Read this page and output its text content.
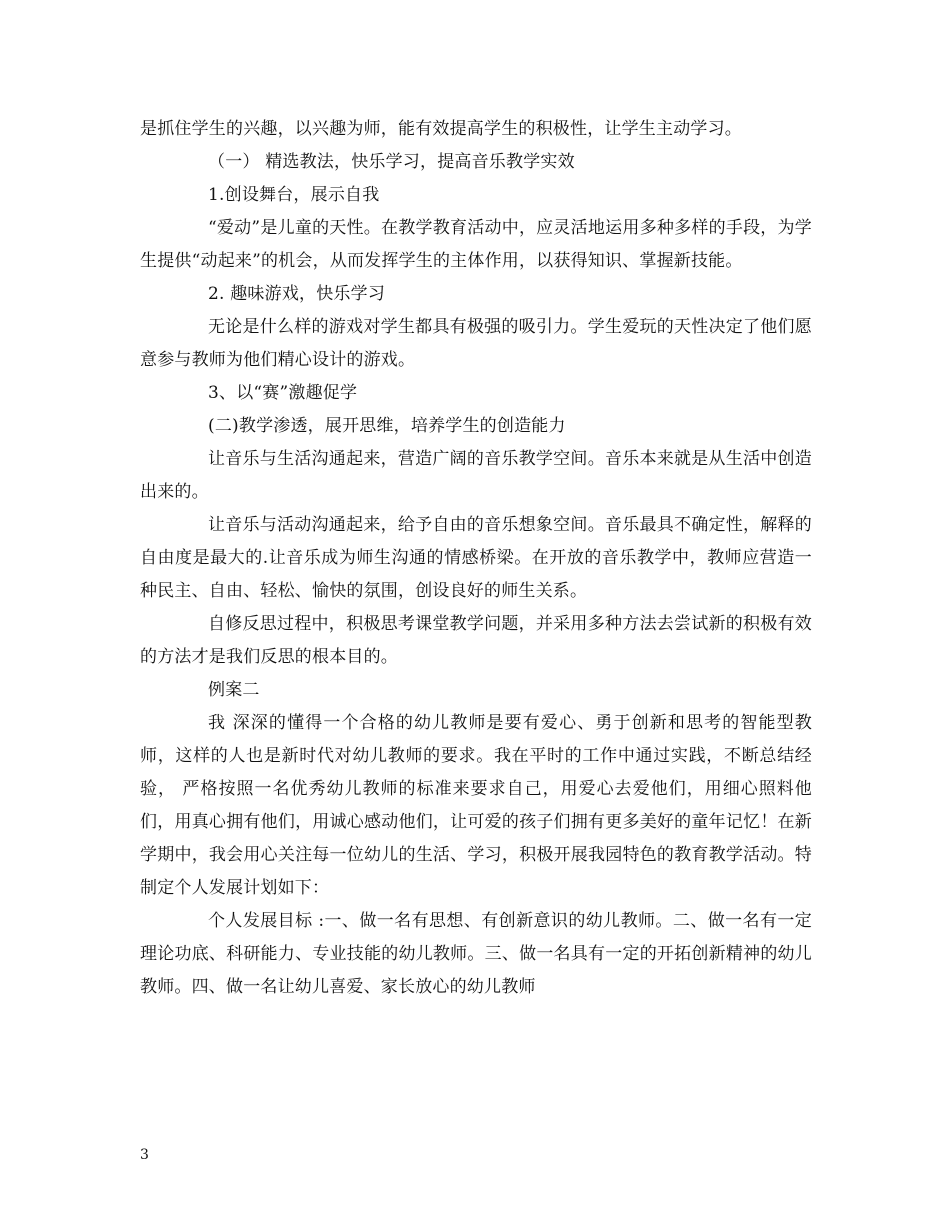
是抓住学生的兴趣，以兴趣为师，能有效提高学生的积极性，让学生主动学习。

（一） 精选教法，快乐学习，提高音乐教学实效

1.创设舞台，展示自我

“爱动”是儿童的天性。在教学教育活动中，应灵活地运用多种多样的手段，为学生提供“动起来”的机会，从而发挥学生的主体作用，以获得知识、掌握新技能。

2. 趣味游戏，快乐学习

无论是什么样的游戏对学生都具有极强的吸引力。学生爱玩的天性决定了他们愿意参与教师为他们精心设计的游戏。

3、以“赛”激趣促学

(二)教学渗透，展开思维，培养学生的创造能力

让音乐与生活沟通起来，营造广阔的音乐教学空间。音乐本来就是从生活中创造出来的。

让音乐与活动沟通起来，给予自由的音乐想象空间。音乐最具不确定性，解释的自由度是最大的.让音乐成为师生沟通的情感桥梁。在开放的音乐教学中，教师应营造一种民主、自由、轻松、愉快的氛围，创设良好的师生关系。

自修反思过程中，积极思考课堂教学问题，并采用多种方法去尝试新的积极有效的方法才是我们反思的根本目的。

例案二

我 深深的懂得一个合格的幼儿教师是要有爱心、勇于创新和思考的智能型教师，这样的人也是新时代对幼儿教师的要求。我在平时的工作中通过实践，不断总结经验， 严格按照一名优秀幼儿教师的标准来要求自己，用爱心去爱他们，用细心照料他们，用真心拥有他们，用诚心感动他们，让可爱的孩子们拥有更多美好的童年记忆！在新学期中，我会用心关注每一位幼儿的生活、学习，积极开展我园特色的教育教学活动。特制定个人发展计划如下：

个人发展目标 :一、做一名有思想、有创新意识的幼儿教师。二、做一名有一定理论功底、科研能力、专业技能的幼儿教师。三、做一名具有一定的开拓创新精神的幼儿教师。四、做一名让幼儿喜爱、家长放心的幼儿教师

3
